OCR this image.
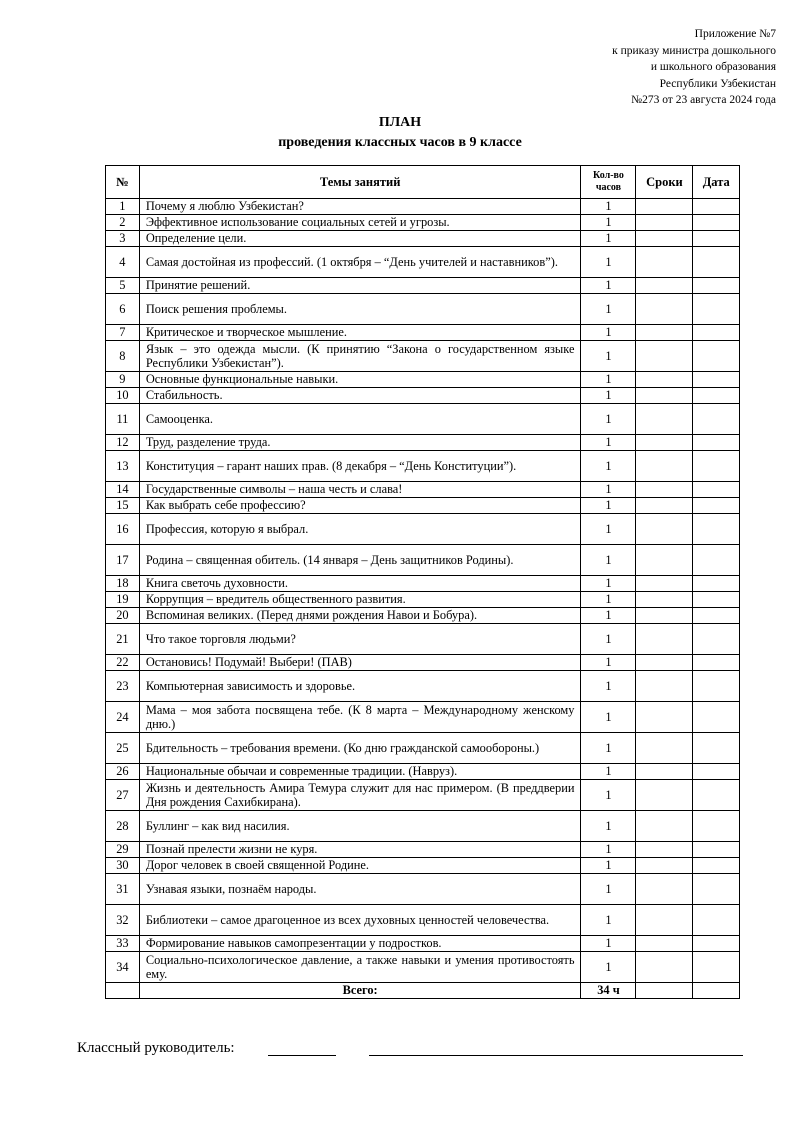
Приложение №7
к приказу министра дошкольного
и школьного образования
Республики Узбекистан
№273 от 23 августа 2024 года
ПЛАН
проведения классных часов в 9 классе
№	Темы занятий	Кол-во часов	Сроки	Дата
1	Почему я люблю Узбекистан?	1		
2	Эффективное использование социальных сетей и угрозы.	1		
3	Определение цели.	1		
4	Самая достойная из профессий. (1 октября – “День учителей и наставников”).	1		
5	Принятие решений.	1		
6	Поиск решения проблемы.	1		
7	Критическое и творческое мышление.	1		
8	Язык – это одежда мысли. (К принятию “Закона о государственном языке Республики Узбекистан”).	1		
9	Основные функциональные навыки.	1		
10	Стабильность.	1		
11	Самооценка.	1		
12	Труд, разделение труда.	1		
13	Конституция – гарант наших прав. (8 декабря – “День Конституции”).	1		
14	Государственные символы – наша честь и слава!	1		
15	Как выбрать себе профессию?	1		
16	Профессия, которую я выбрал.	1		
17	Родина – священная обитель. (14 января – День защитников Родины).	1		
18	Книга светочь духовности.	1		
19	Коррупция – вредитель общественного развития.	1		
20	Вспоминая великих. (Перед днями рождения Навои и Бобура).	1		
21	Что такое торговля людьми?	1		
22	Остановись! Подумай! Выбери! (ПАВ)	1		
23	Компьютерная зависимость и здоровье.	1		
24	Мама – моя забота посвящена тебе. (К 8 марта – Международному женскому дню.)	1		
25	Бдительность – требования времени. (Ко дню гражданской самообороны.)	1		
26	Национальные обычаи и современные традиции. (Навруз).	1		
27	Жизнь и деятельность Амира Темура служит для нас примером. (В преддверии Дня рождения Сахибкирана).	1		
28	Буллинг – как вид насилия.	1		
29	Познай прелести жизни не куря.	1		
30	Дорог человек в своей священной Родине.	1		
31	Узнавая языки, познаём народы.	1		
32	Библиотеки – самое драгоценное из всех духовных ценностей человечества.	1		
33	Формирование навыков самопрезентации у подростков.	1		
34	Социально-психологическое давление, а также навыки и умения противостоять ему.	1		
	Всего:	34 ч		
Классный руководитель:
